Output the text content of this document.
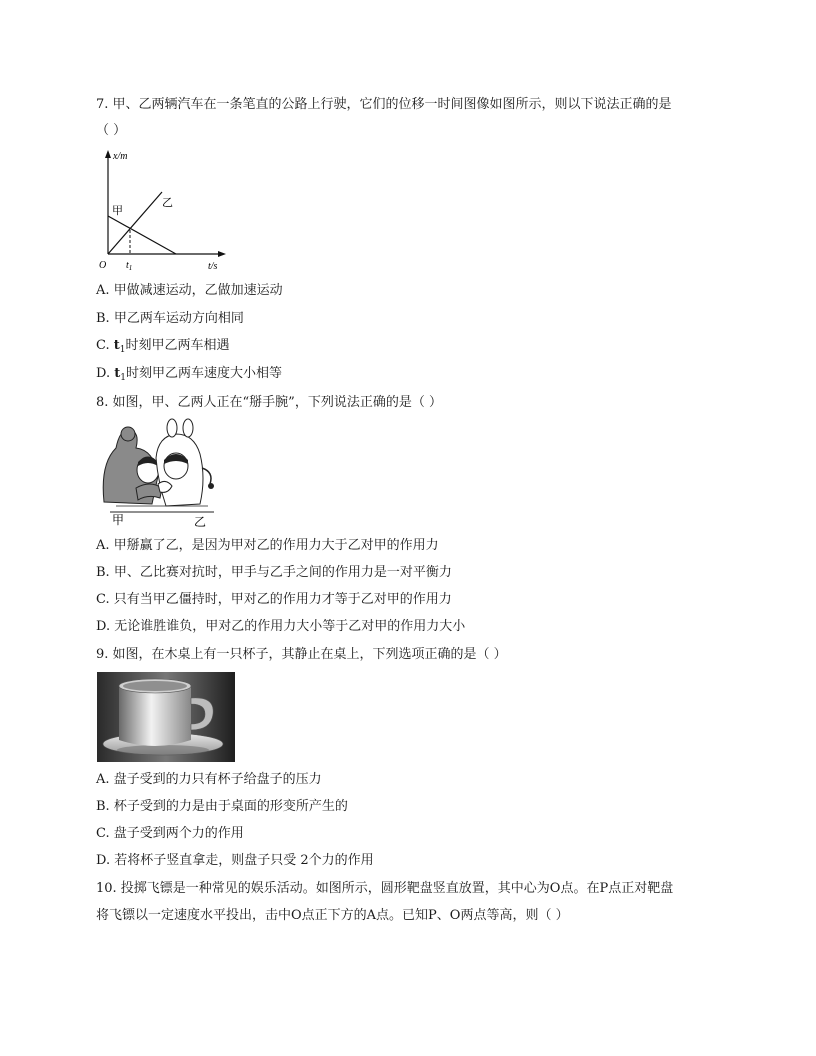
7. 甲、乙两辆汽车在一条笔直的公路上行驶，它们的位移一时间图像如图所示，则以下说法正确的是
（ ）
x/m
t/s
O $t_1$
甲
乙
A. 甲做减速运动，乙做加速运动
B. 甲乙两车运动方向相同
C. $t_1$时刻甲乙两车相遇
D. $t_1$时刻甲乙两车速度大小相等
8. 如图，甲、乙两人正在“掰手腕”，下列说法正确的是（ ）
甲	乙
A. 甲掰赢了乙，是因为甲对乙的作用力大于乙对甲的作用力
B. 甲、乙比赛对抗时，甲手与乙手之间的作用力是一对平衡力
C. 只有当甲乙僵持时，甲对乙的作用力才等于乙对甲的作用力
D. 无论谁胜谁负，甲对乙的作用力大小等于乙对甲的作用力大小
9. 如图，在木桌上有一只杯子，其静止在桌上，下列选项正确的是（ ）
A. 盘子受到的力只有杯子给盘子的压力
B. 杯子受到的力是由于桌面的形变所产生的
C. 盘子受到两个力的作用
D. 若将杯子竖直拿走，则盘子只受 2个力的作用
10. 投掷飞镖是一种常见的娱乐活动。如图所示，圆形靶盘竖直放置，其中心为O点。在P点正对靶盘
将飞镖以一定速度水平投出，击中O点正下方的A点。已知P、O两点等高，则（ ）
